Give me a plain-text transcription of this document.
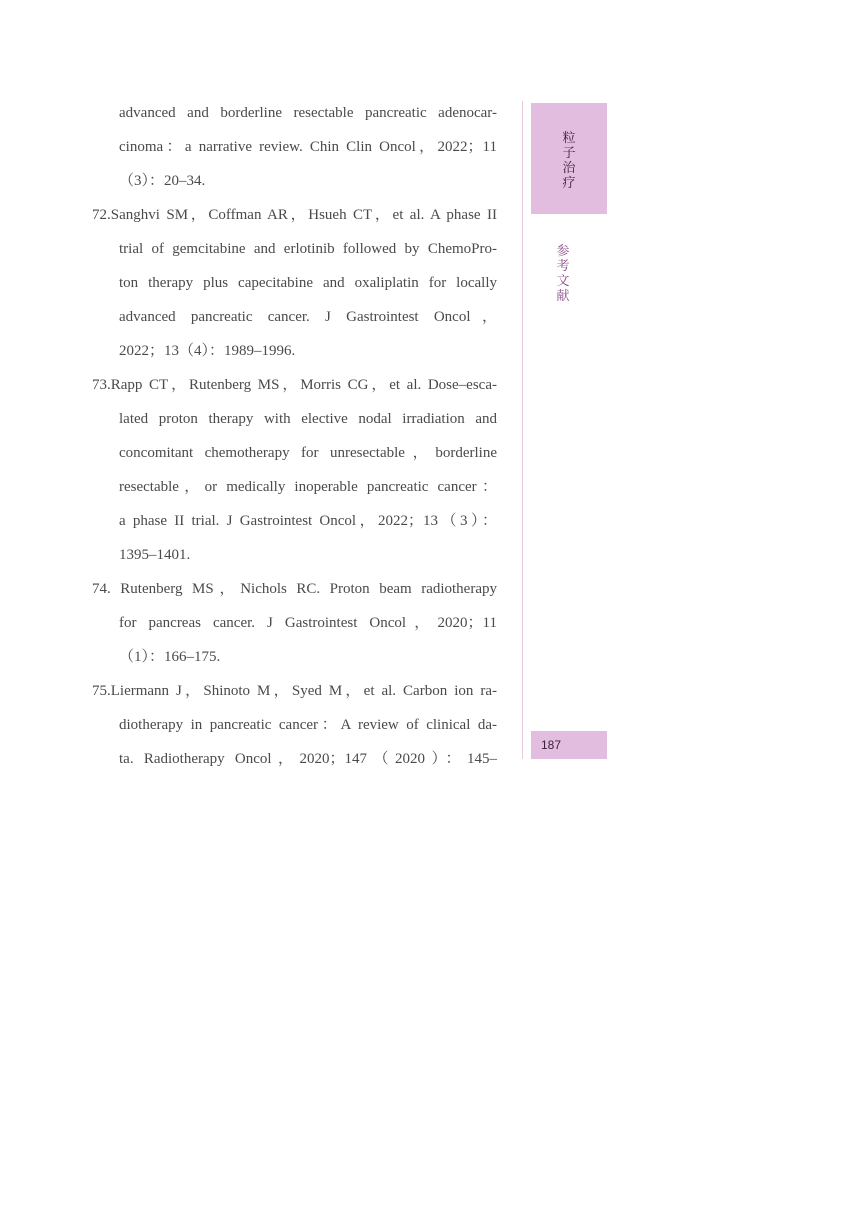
advanced and borderline resectable pancreatic adenocar-
cinoma：a narrative review. Chin Clin Oncol，2022；11
（3）：20–34.
72.Sanghvi SM，Coffman AR，Hsueh CT，et al. A phase II
trial of gemcitabine and erlotinib followed by ChemoPro-
ton therapy plus capecitabine and oxaliplatin for locally
advanced pancreatic cancer. J Gastrointest Oncol，
2022；13（4）：1989–1996.
73.Rapp CT，Rutenberg MS，Morris CG，et al. Dose–esca-
lated proton therapy with elective nodal irradiation and
concomitant chemotherapy for unresectable，borderline
resectable，or medically inoperable pancreatic cancer：
a phase II trial. J Gastrointest Oncol，2022；13（3）：
1395–1401.
74. Rutenberg MS，Nichols RC. Proton beam radiotherapy
for pancreas cancer. J Gastrointest Oncol，2020；11
（1）：166–175.
75.Liermann J，Shinoto M，Syed M，et al. Carbon ion ra-
diotherapy in pancreatic cancer：A review of clinical da-
ta. Radiotherapy Oncol，2020；147（2020）：145–
粒子治疗
参考文献
187
